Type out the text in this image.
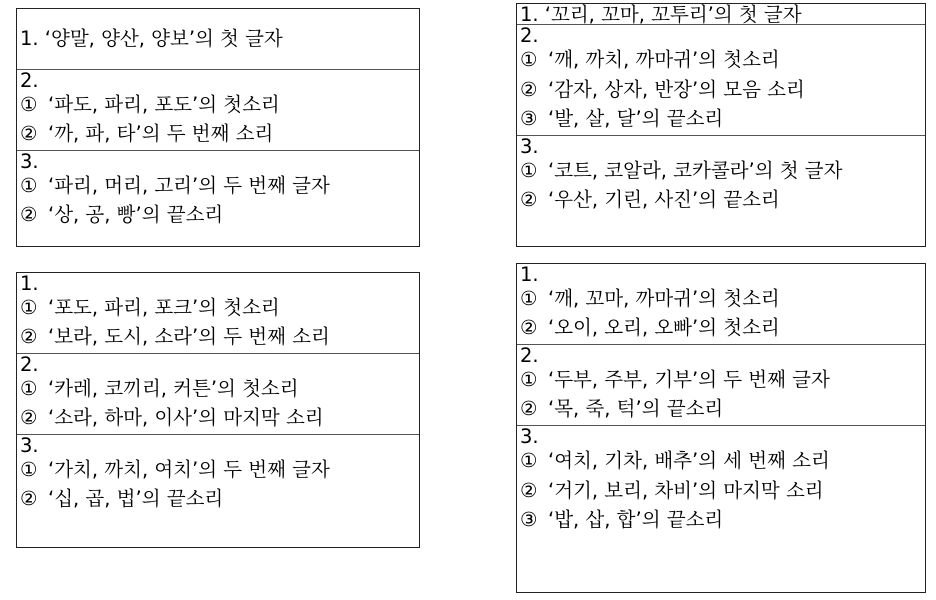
1. ‘양말, 양산, 양보’의 첫 글자
2.
① ‘파도, 파리, 포도’의 첫소리
② ‘까, 파, 타’의 두 번째 소리
3.
① ‘파리, 머리, 고리’의 두 번째 글자
② ‘상, 공, 빵’의 끝소리
1. ‘꼬리, 꼬마, 꼬투리’의 첫 글자
2.
① ‘깨, 까치, 까마귀’의 첫소리
② ‘감자, 상자, 반장’의 모음 소리
③ ‘발, 살, 달’의 끝소리
3.
① ‘코트, 코알라, 코카콜라’의 첫 글자
② ‘우산, 기린, 사진’의 끝소리
1.
① ‘포도, 파리, 포크’의 첫소리
② ‘보라, 도시, 소라’의 두 번째 소리
2.
① ‘카레, 코끼리, 커튼’의 첫소리
② ‘소라, 하마, 이사’의 마지막 소리
3.
① ‘가치, 까치, 여치’의 두 번째 글자
② ‘십, 곱, 법’의 끝소리
1.
① ‘깨, 꼬마, 까마귀’의 첫소리
② ‘오이, 오리, 오빠’의 첫소리
2.
① ‘두부, 주부, 기부’의 두 번째 글자
② ‘목, 죽, 턱’의 끝소리
3.
① ‘여치, 기차, 배추’의 세 번째 소리
② ‘거기, 보리, 차비’의 마지막 소리
③ ‘밥, 삽, 합’의 끝소리
